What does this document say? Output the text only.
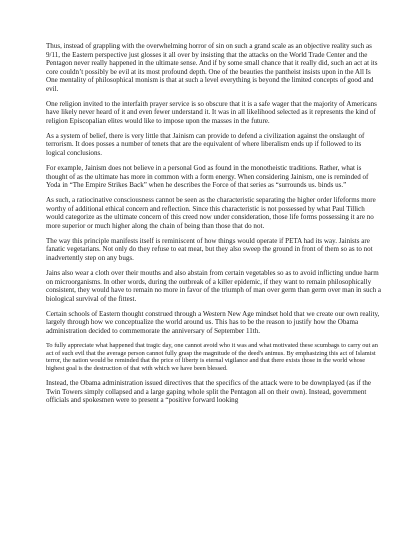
Thus, instead of grappling with the overwhelming horror of sin on such a grand scale as an objective reality such as 9/11, the Eastern perspective just glosses it all over by insisting that the attacks on the World Trade Center and the Pentagon never really happened in the ultimate sense. And if by some small chance that it really did, such an act at its core couldn’t possibly be evil at its most profound depth. One of the beauties the pantheist insists upon in the All Is One mentality of philosophical monism is that at such a level everything is beyond the limited concepts of good and evil.

One religion invited to the interfaith prayer service is so obscure that it is a safe wager that the majority of Americans have likely never heard of it and even fewer understand it. It was in all likelihood selected as it represents the kind of religion Episcopalian elites would like to impose upon the masses in the future.

As a system of belief, there is very little that Jainism can provide to defend a civilization against the onslaught of terrorism. It does posses a number of tenets that are the equivalent of where liberalism ends up if followed to its logical conclusions.

For example, Jainism does not believe in a personal God as found in the monotheistic traditions. Rather, what is thought of as the ultimate has more in common with a form energy. When considering Jainism, one is reminded of Yoda in “The Empire Strikes Back” when he describes the Force of that series as “surrounds us. binds us.”

As such, a ratiocinative consciousness cannot be seen as the characteristic separating the higher order lifeforms more worthy of additional ethical concern and reflection. Since this characteristic is not possessed by what Paul Tillich would categorize as the ultimate concern of this creed now under consideration, those life forms possessing it are no more superior or much higher along the chain of being than those that do not.

The way this principle manifests itself is reminiscent of how things would operate if PETA had its way. Jainists are fanatic vegetarians. Not only do they refuse to eat meat, but they also sweep the ground in front of them so as to not inadvertently step on any bugs.

Jains also wear a cloth over their mouths and also abstain from certain vegetables so as to avoid inflicting undue harm on microorganisms. In other words, during the outbreak of a killer epidemic, if they want to remain philosophically consistent, they would have to remain no more in favor of the triumph of man over germ than germ over man in such a biological survival of the fittest.

Certain schools of Eastern thought construed through a Western New Age mindset hold that we create our own reality, largely through how we conceptualize the world around us. This has to be the reason to justify how the Obama administration decided to commemorate the anniversary of September 11th.

To fully appreciate what happened that tragic day, one cannot avoid who it was and what motivated these scumbags to carry out an act of such evil that the average person cannot fully grasp the magnitude of the deed's animus. By emphasizing this act of Islamist terror, the nation would be reminded that the price of liberty is eternal vigilance and that there exists those in the world whose highest goal is the destruction of that with which we have been blessed.

Instead, the Obama administration issued directives that the specifics of the attack were to be downplayed (as if the Twin Towers simply collapsed and a large gaping whole split the Pentagon all on their own). Instead, government officials and spokesmen were to present a “positive forward looking
